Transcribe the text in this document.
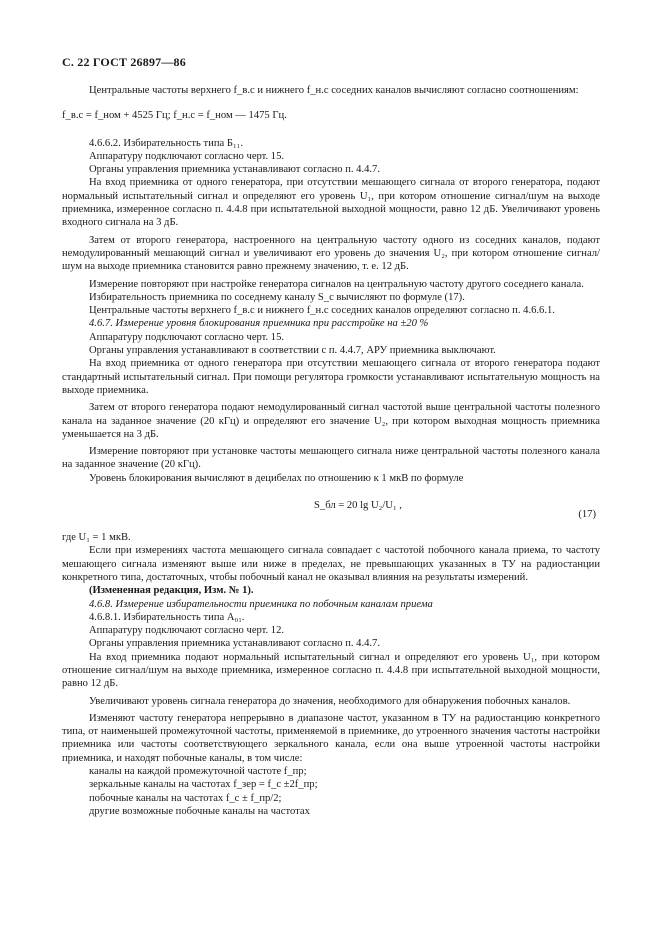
С. 22 ГОСТ 26897—86

Центральные частоты верхнего f_в.с и нижнего f_н.с соседних каналов вычисляют согласно соотношениям:

f_в.с = f_ном + 4525 Гц; f_н.с = f_ном — 1475 Гц.

4.6.6.2. Избирательность типа Б₁₁.

Аппаратуру подключают согласно черт. 15.

Органы управления приемника устанавливают согласно п. 4.4.7.

На вход приемника от одного генератора, при отсутствии мешающего сигнала от второго генератора, подают нормальный испытательный сигнал и определяют его уровень U₁, при котором отношение сигнал/шум на выходе приемника, измеренное согласно п. 4.4.8 при испытательной выходной мощности, равно 12 дБ. Увеличивают уровень входного сигнала на 3 дБ.

Затем от второго генератора, настроенного на центральную частоту одного из соседних каналов, подают немодулированный мешающий сигнал и увеличивают его уровень до значения U₂, при котором отношение сигнал/шум на выходе приемника становится равно прежнему значению, т. е. 12 дБ.

Измерение повторяют при настройке генератора сигналов на центральную частоту другого соседнего канала.

Избирательность приемника по соседнему каналу S_с вычисляют по формуле (17).

Центральные частоты верхнего f_в.с и нижнего f_н.с соседних каналов определяют согласно п. 4.6.6.1.

4.6.7. Измерение уровня блокирования приемника при расстройке на ±20 %

Аппаратуру подключают согласно черт. 15.

Органы управления устанавливают в соответствии с п. 4.4.7, АРУ приемника выключают.

На вход приемника от одного генератора при отсутствии мешающего сигнала от второго генератора подают стандартный испытательный сигнал. При помощи регулятора громкости устанавливают испытательную мощность на выходе приемника.

Затем от второго генератора подают немодулированный сигнал частотой выше центральной частоты полезного канала на заданное значение (20 кГц) и определяют его значение U₂, при котором выходная мощность приемника уменьшается на 3 дБ.

Измерение повторяют при установке частоты мешающего сигнала ниже центральной частоты полезного канала на заданное значение (20 кГц).

Уровень блокирования вычисляют в децибелах по отношению к 1 мкВ по формуле

S_бл = 20 lg U₂/U₁ ,
(17)

где U₁ = 1 мкВ.

Если при измерениях частота мешающего сигнала совпадает с частотой побочного канала приема, то частоту мешающего сигнала изменяют выше или ниже в пределах, не превышающих указанных в ТУ на радиостанции конкретного типа, достаточных, чтобы побочный канал не оказывал влияния на результаты измерений.

(Измененная редакция, Изм. № 1).

4.6.8. Измерение избирательности приемника по побочным каналам приема

4.6.8.1. Избирательность типа А₀₁.

Аппаратуру подключают согласно черт. 12.

Органы управления приемника устанавливают согласно п. 4.4.7.

На вход приемника подают нормальный испытательный сигнал и определяют его уровень U₁, при котором отношение сигнал/шум на выходе приемника, измеренное согласно п. 4.4.8 при испытательной выходной мощности, равно 12 дБ.

Увеличивают уровень сигнала генератора до значения, необходимого для обнаружения побочных каналов.

Изменяют частоту генератора непрерывно в диапазоне частот, указанном в ТУ на радиостанцию конкретного типа, от наименьшей промежуточной частоты, применяемой в приемнике, до утроенного значения частоты настройки приемника или частоты соответствующего зеркального канала, если она выше утроенной частоты настройки приемника, и находят побочные каналы, в том числе:

каналы на каждой промежуточной частоте f_пр;

зеркальные каналы на частотах f_зер = f_с ±2f_пр;

побочные каналы на частотах f_с ± f_пр/2;

другие возможные побочные каналы на частотах
